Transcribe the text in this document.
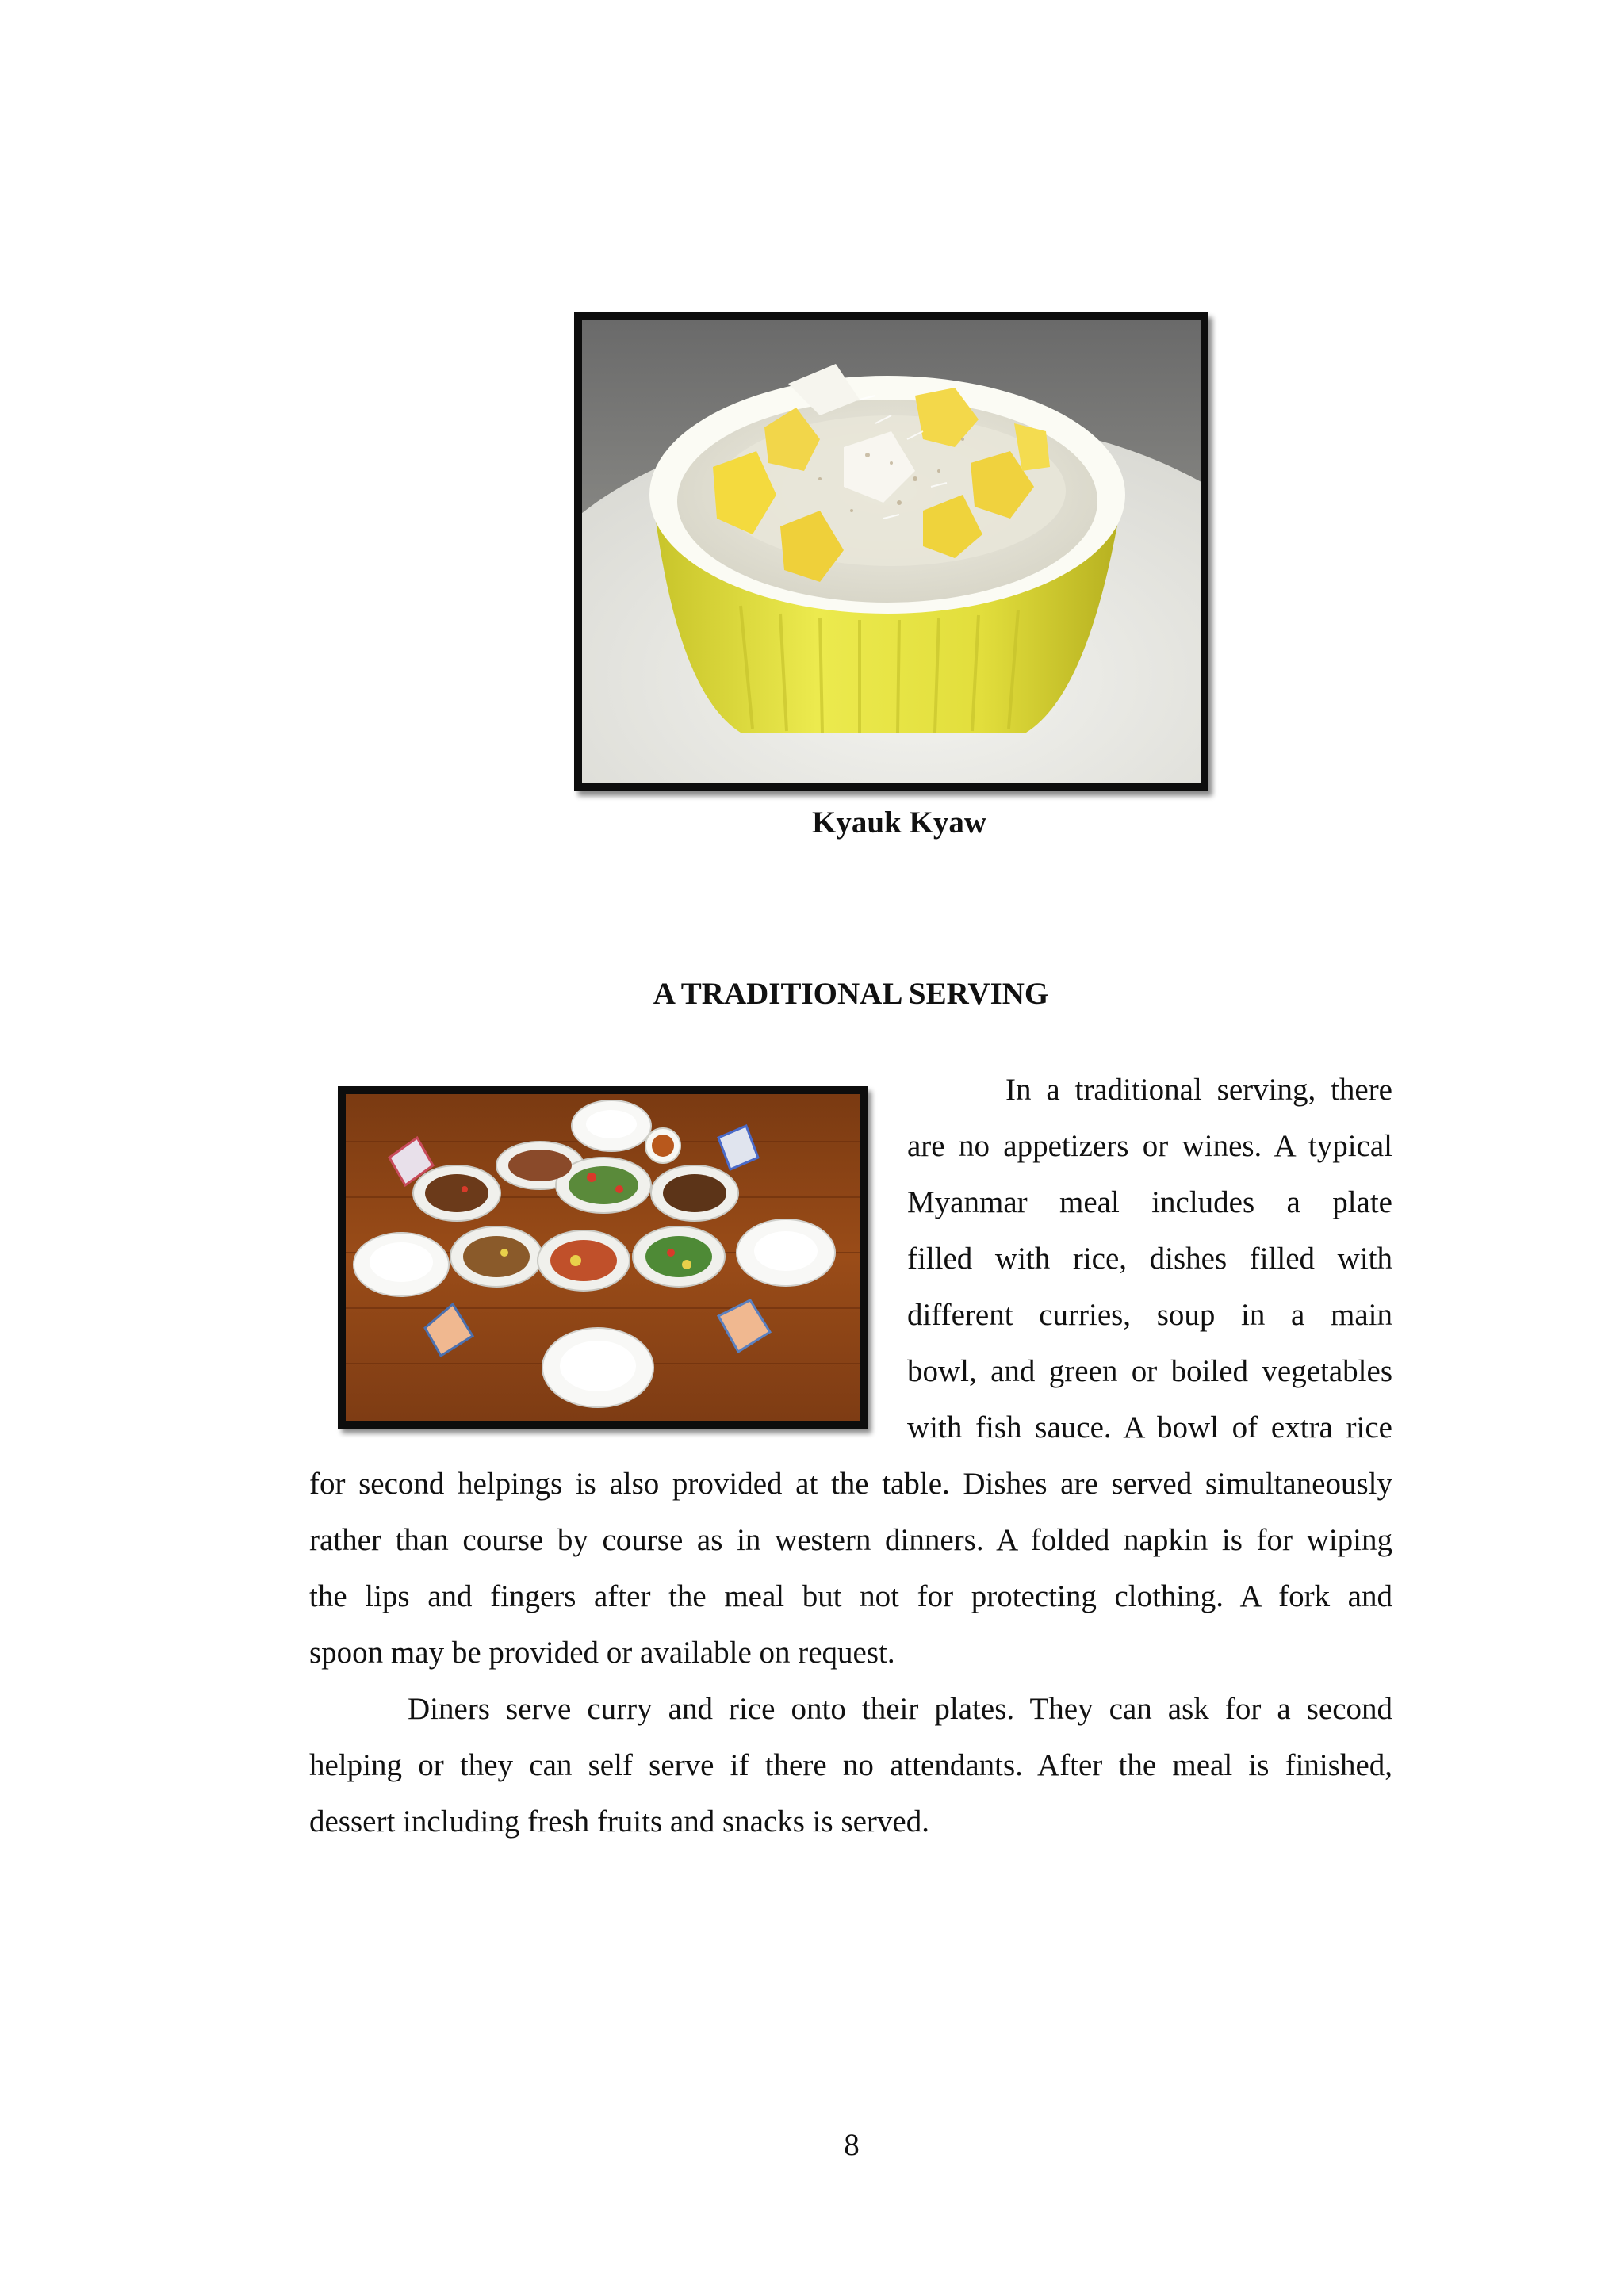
Kyauk Kyaw
A TRADITIONAL SERVING
In a traditional serving, there
are no appetizers or wines. A typical
Myanmar meal includes a plate
filled with rice, dishes filled with
different curries, soup in a main
bowl, and green or boiled vegetables
with fish sauce. A bowl of extra rice
for second helpings is also provided at the table. Dishes are served simultaneously
rather than course by course as in western dinners. A folded napkin is for wiping
the lips and fingers after the meal but not for protecting clothing. A fork and
spoon may be provided or available on request.
Diners serve curry and rice onto their plates. They can ask for a second
helping or they can self serve if there no attendants. After the meal is finished,
dessert including fresh fruits and snacks is served.
8
